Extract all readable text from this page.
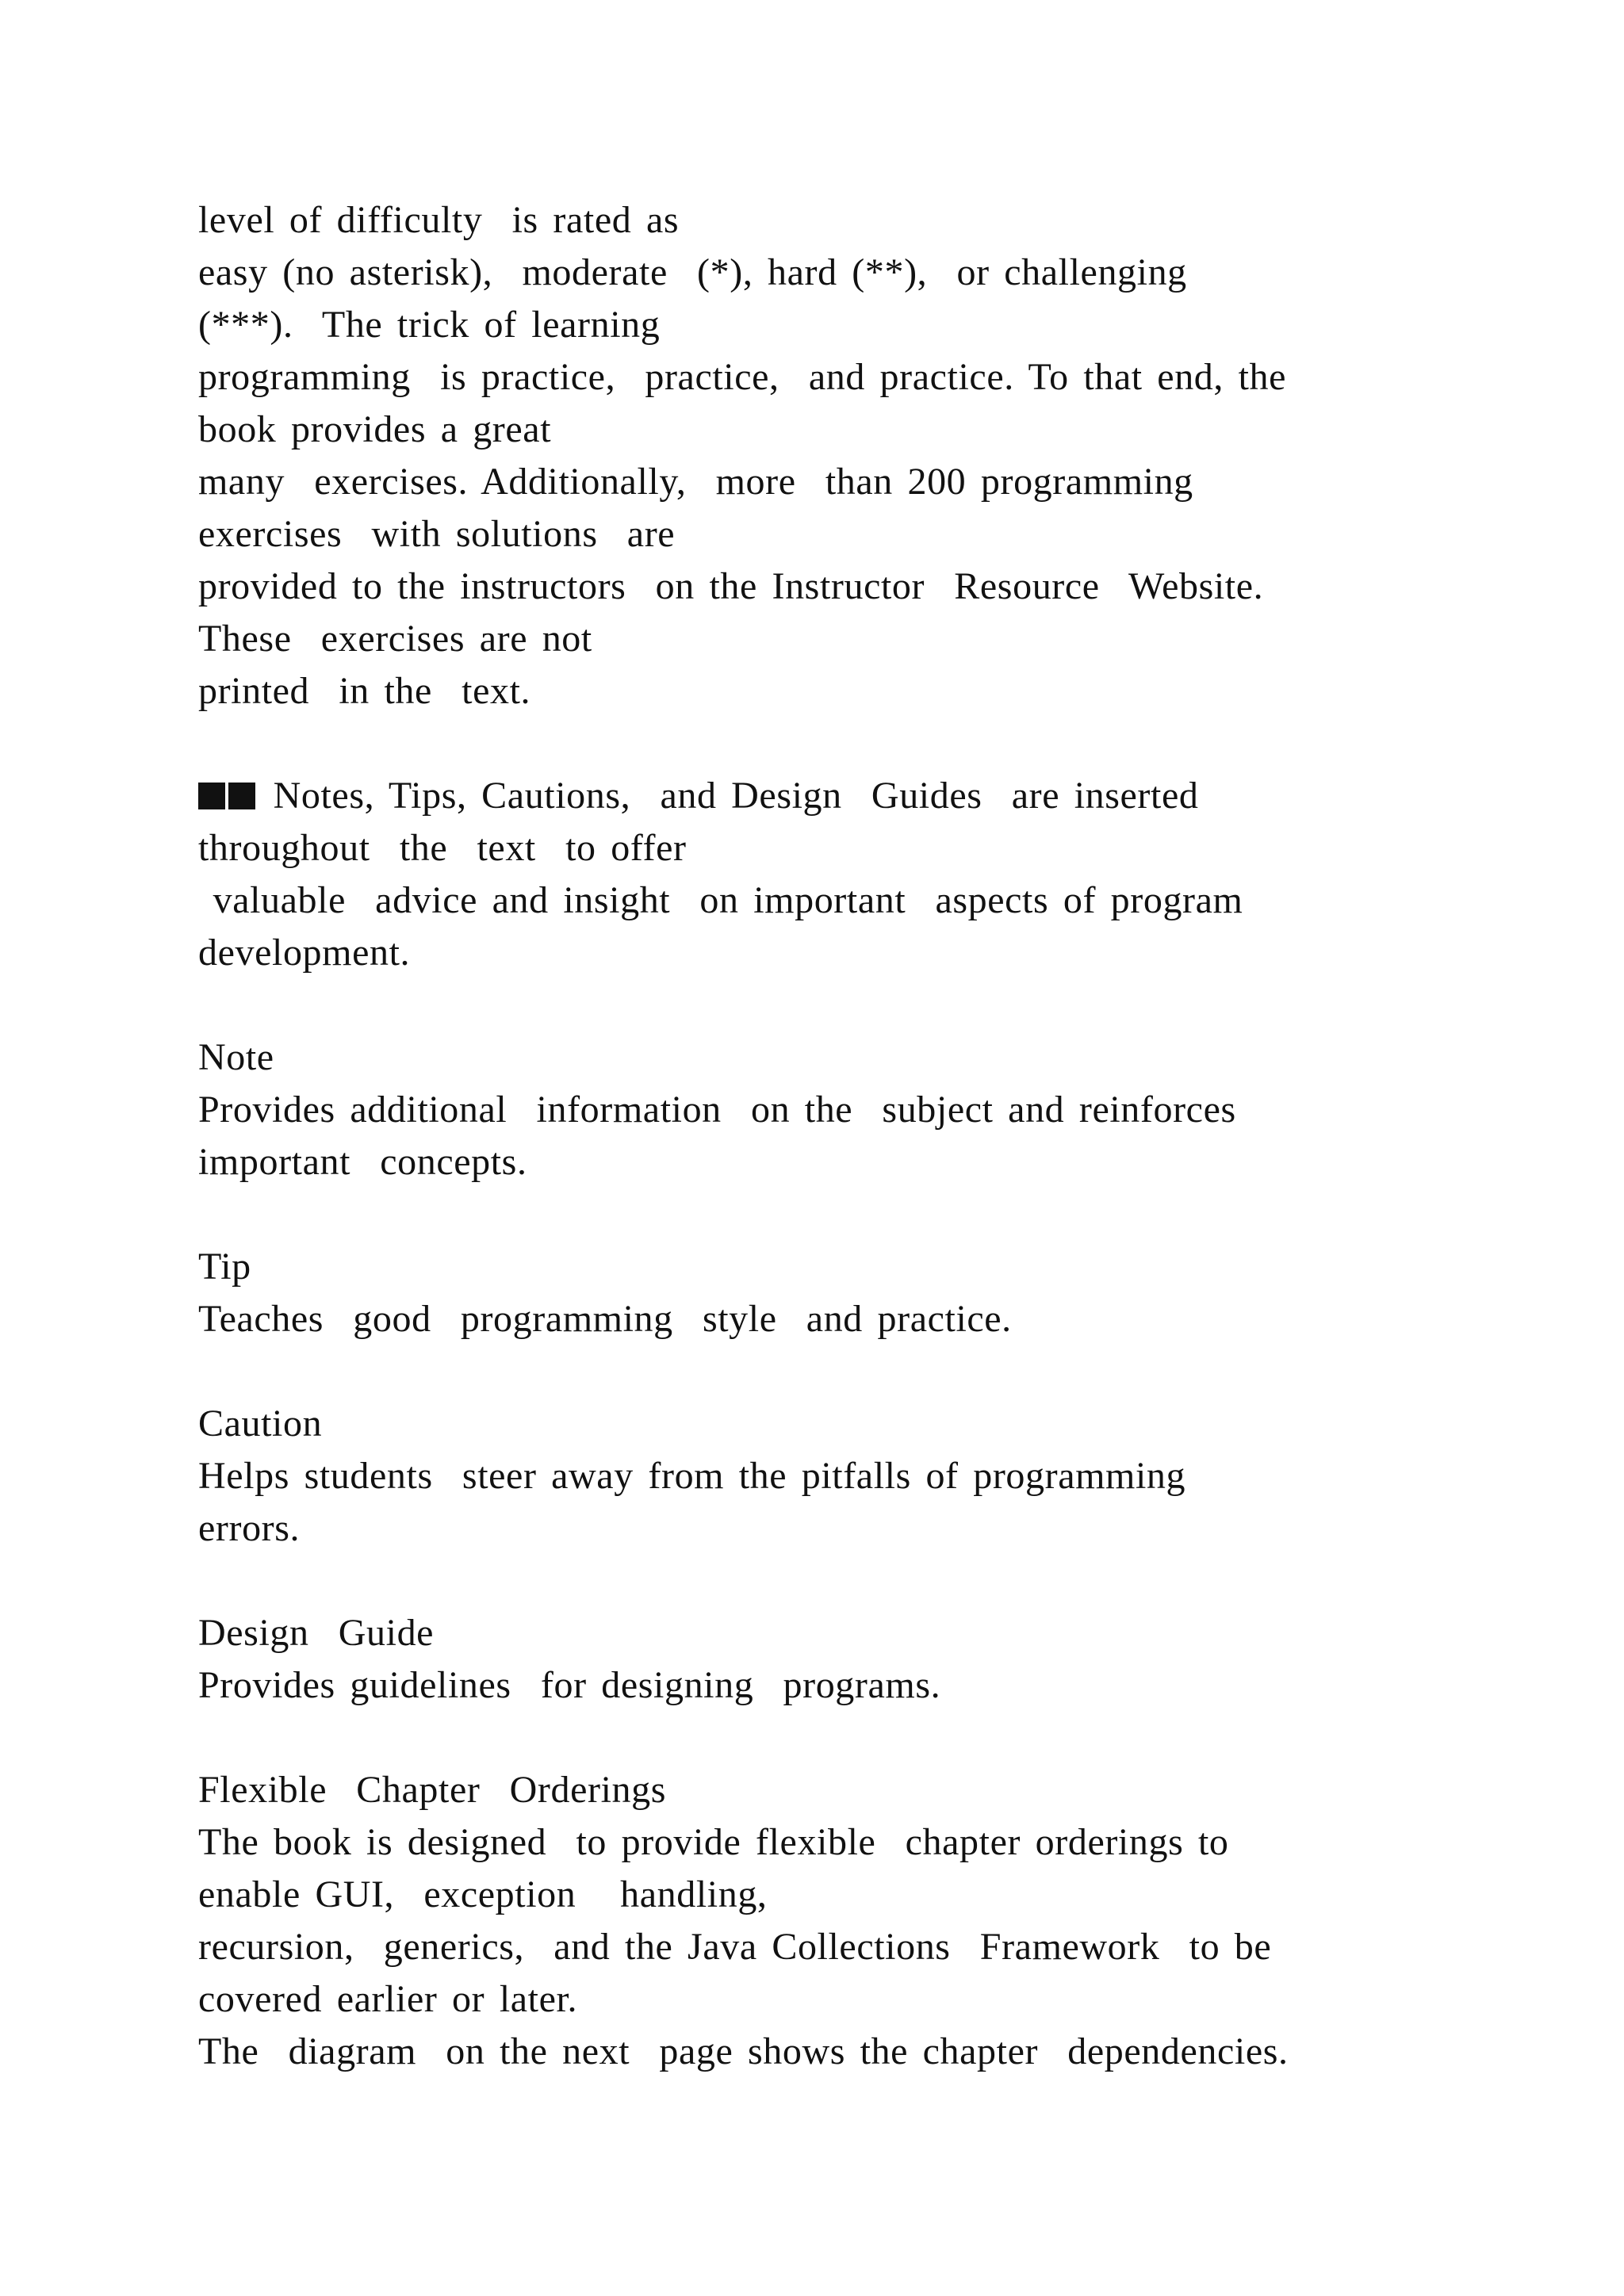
level of difficulty  is rated as
easy (no asterisk),  moderate  (*), hard (**),  or challenging
(***).  The trick of learning
programming  is practice,  practice,  and practice. To that end, the
book provides a great
many  exercises. Additionally,  more  than 200 programming
exercises  with solutions  are
provided to the instructors  on the Instructor  Resource  Website.
These  exercises are not
printed  in the  text.
Notes, Tips, Cautions,  and Design  Guides  are inserted
throughout  the  text  to offer
valuable  advice and insight  on important  aspects of program
development.
Note
Provides additional  information  on the  subject and reinforces
important  concepts.
Tip
Teaches  good  programming  style  and practice.
Caution
Helps students  steer away from the pitfalls of programming
errors.
Design  Guide
Provides guidelines  for designing  programs.
Flexible  Chapter  Orderings
The book is designed  to provide flexible  chapter orderings to
enable GUI,  exception   handling,
recursion,  generics,  and the Java Collections  Framework  to be
covered earlier or later.
The  diagram  on the next  page shows the chapter  dependencies.
